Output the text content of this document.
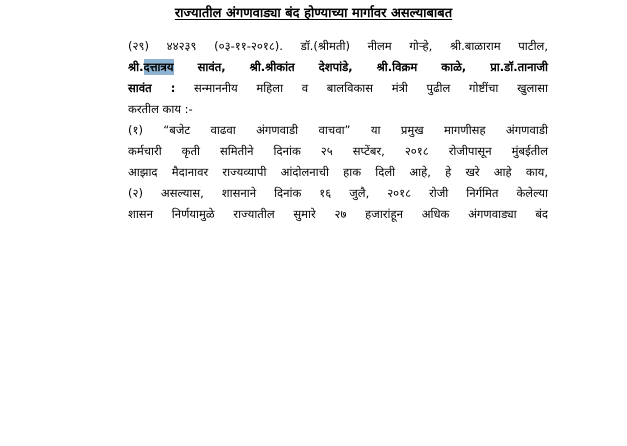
राज्यातील अंगणवाड्या बंद होण्याच्या मार्गावर असल्याबाबत
(२९) ४४२३९ (०३-११-२०१८). डॉ.(श्रीमती) नीलम गोऱ्हे, श्री.बाळाराम पाटील,
श्री.दत्तात्रय सावंत, श्री.श्रीकांत देशपांडे, श्री.विक्रम काळे, प्रा.डॉ.तानाजी
सावंत : सन्माननीय महिला व बालविकास मंत्री पुढील गोष्टींचा खुलासा
करतील काय :-
(१) “बजेट वाढवा अंगणवाडी वाचवा” या प्रमुख मागणीसह अंगणवाडी
कर्मचारी कृती समितीने दिनांक २५ सप्टेंबर, २०१८ रोजीपासून मुंबईतील
आझाद मैदानावर राज्यव्यापी आंदोलनाची हाक दिली आहे, हे खरे आहे काय,
(२) असल्यास, शासनाने दिनांक १६ जुलै, २०१८ रोजी निर्गमित केलेल्या
शासन निर्णयामुळे राज्यातील सुमारे २७ हजारांहून अधिक अंगणवाड्या बंद
